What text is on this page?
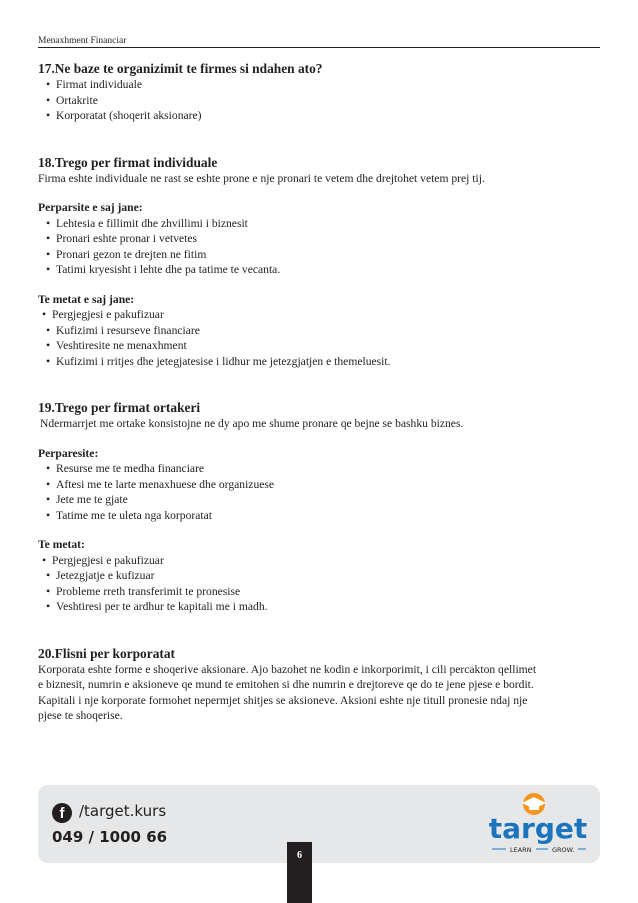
Menaxhment Financiar

17.Ne baze te organizimit te firmes si ndahen ato?

• Firmat individuale
• Ortakrite
• Korporatat (shoqerit aksionare)

18.Trego per firmat individuale

Firma eshte individuale ne rast se eshte prone e nje pronari te vetem dhe drejtohet vetem prej tij.

Perparsite e saj jane:

• Lehtesia e fillimit dhe zhvillimi i biznesit
• Pronari eshte pronar i vetvetes
• Pronari gezon te drejten ne fitim
• Tatimi kryesisht i lehte dhe pa tatime te vecanta.

Te metat e saj jane:

• Pergjegjesi e pakufizuar
• Kufizimi i resurseve financiare
• Veshtiresite ne menaxhment
• Kufizimi i rritjes dhe jetegjatesise i lidhur me jetezgjatjen e themeluesit.

19.Trego per firmat ortakeri

Ndermarrjet me ortake konsistojne ne dy apo me shume pronare qe bejne se bashku biznes.

Perparesite:

• Resurse me te medha financiare
• Aftesi me te larte menaxhuese dhe organizuese
• Jete me te gjate
• Tatime me te uleta nga korporatat

Te metat:

• Pergjegjesi e pakufizuar
• Jetezgjatje e kufizuar
• Probleme rreth transferimit te pronesise
• Veshtiresi per te ardhur te kapitali me i madh.

20.Flisni per korporatat

Korporata eshte forme e shoqerive aksionare. Ajo bazohet ne kodin e inkorporimit, i cili percakton qellimet

e biznesit, numrin e aksioneve qe mund te emitohen si dhe numrin e drejtoreve qe do te jene pjese e bordit.

Kapitali i nje korporate formohet nepermjet shitjes se aksioneve. Aksioni eshte nje titull pronesie ndaj nje

pjese te shoqerise.

f /target.kurs
049 / 1000 66	target
LEARN	GROW.
6
